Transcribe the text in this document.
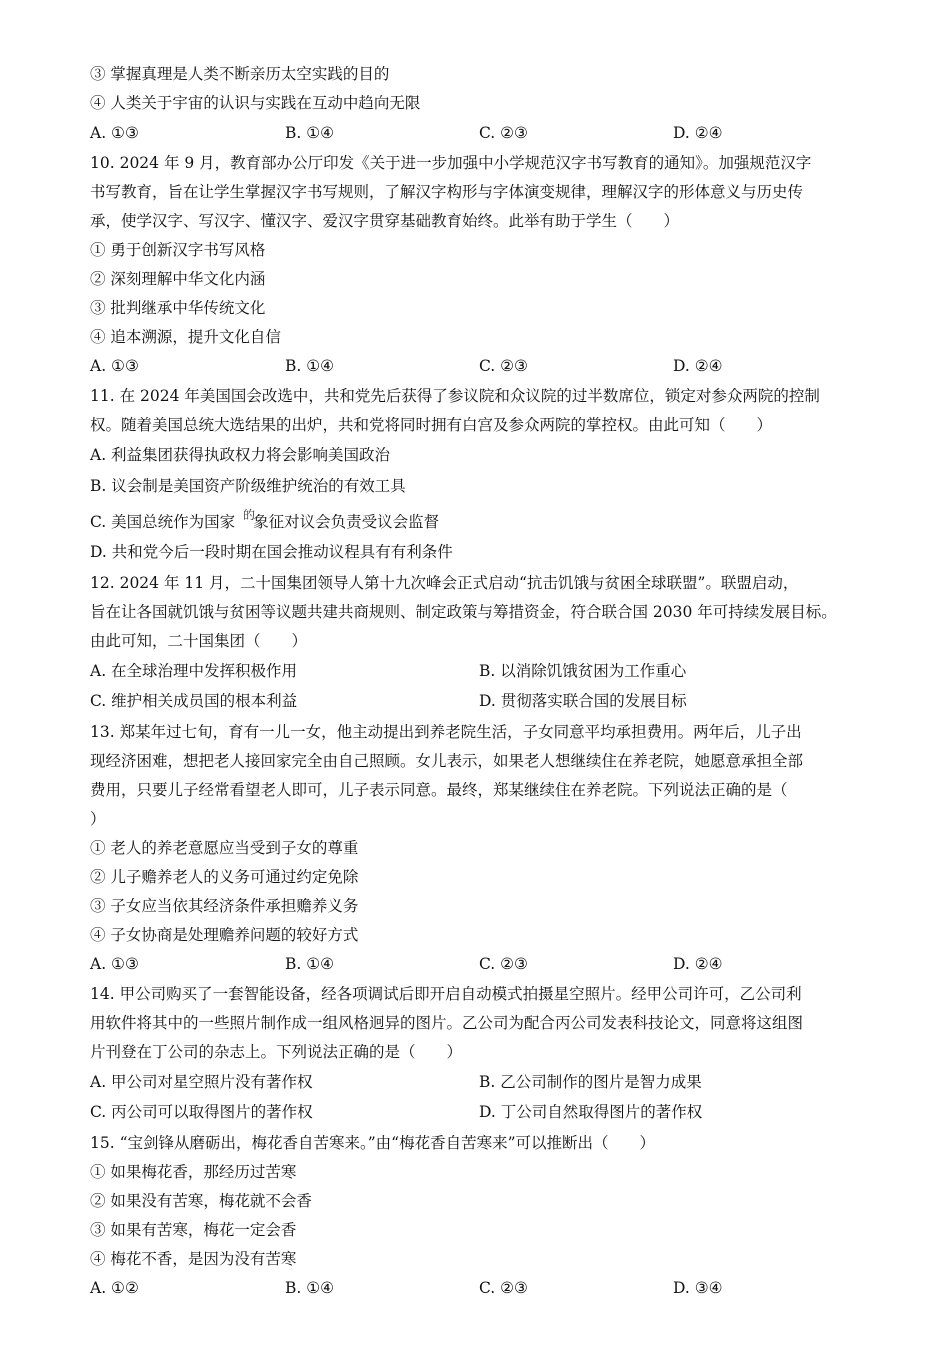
③ 掌握真理是人类不断亲历太空实践的目的
④ 人类关于宇宙的认识与实践在互动中趋向无限
A. ①③	B. ①④	C. ②③	D. ②④
10. 2024 年 9 月，教育部办公厅印发《关于进一步加强中小学规范汉字书写教育的通知》。加强规范汉字
书写教育，旨在让学生掌握汉字书写规则，了解汉字构形与字体演变规律，理解汉字的形体意义与历史传
承，使学汉字、写汉字、懂汉字、爱汉字贯穿基础教育始终。此举有助于学生（　　）
① 勇于创新汉字书写风格
② 深刻理解中华文化内涵
③ 批判继承中华传统文化
④ 追本溯源，提升文化自信
A. ①③	B. ①④	C. ②③	D. ②④
11. 在 2024 年美国国会改选中，共和党先后获得了参议院和众议院的过半数席位，锁定对参众两院的控制
权。随着美国总统大选结果的出炉，共和党将同时拥有白宫及参众两院的掌控权。由此可知（　　）
A. 利益集团获得执政权力将会影响美国政治
B. 议会制是美国资产阶级维护统治的有效工具
C. 美国总统作为国家 象征对议会负责受议会监督
的
D. 共和党今后一段时期在国会推动议程具有有利条件
12. 2024 年 11 月，二十国集团领导人第十九次峰会正式启动“抗击饥饿与贫困全球联盟”。联盟启动，
旨在让各国就饥饿与贫困等议题共建共商规则、制定政策与筹措资金，符合联合国 2030 年可持续发展目标。
由此可知，二十国集团（　　）
A. 在全球治理中发挥积极作用	B. 以消除饥饿贫困为工作重心
C. 维护相关成员国的根本利益	D. 贯彻落实联合国的发展目标
13. 郑某年过七旬，育有一儿一女，他主动提出到养老院生活，子女同意平均承担费用。两年后，儿子出
现经济困难，想把老人接回家完全由自己照顾。女儿表示，如果老人想继续住在养老院，她愿意承担全部
费用，只要儿子经常看望老人即可，儿子表示同意。最终，郑某继续住在养老院。下列说法正确的是（
）
① 老人的养老意愿应当受到子女的尊重
② 儿子赡养老人的义务可通过约定免除
③ 子女应当依其经济条件承担赡养义务
④ 子女协商是处理赡养问题的较好方式
A. ①③	B. ①④	C. ②③	D. ②④
14. 甲公司购买了一套智能设备，经各项调试后即开启自动模式拍摄星空照片。经甲公司许可，乙公司利
用软件将其中的一些照片制作成一组风格迥异的图片。乙公司为配合丙公司发表科技论文，同意将这组图
片刊登在丁公司的杂志上。下列说法正确的是（　　）
A. 甲公司对星空照片没有著作权	B. 乙公司制作的图片是智力成果
C. 丙公司可以取得图片的著作权	D. 丁公司自然取得图片的著作权
15. “宝剑锋从磨砺出，梅花香自苦寒来。”由“梅花香自苦寒来”可以推断出（　　）
① 如果梅花香，那经历过苦寒
② 如果没有苦寒，梅花就不会香
③ 如果有苦寒，梅花一定会香
④ 梅花不香，是因为没有苦寒
A. ①②	B. ①④	C. ②③	D. ③④
